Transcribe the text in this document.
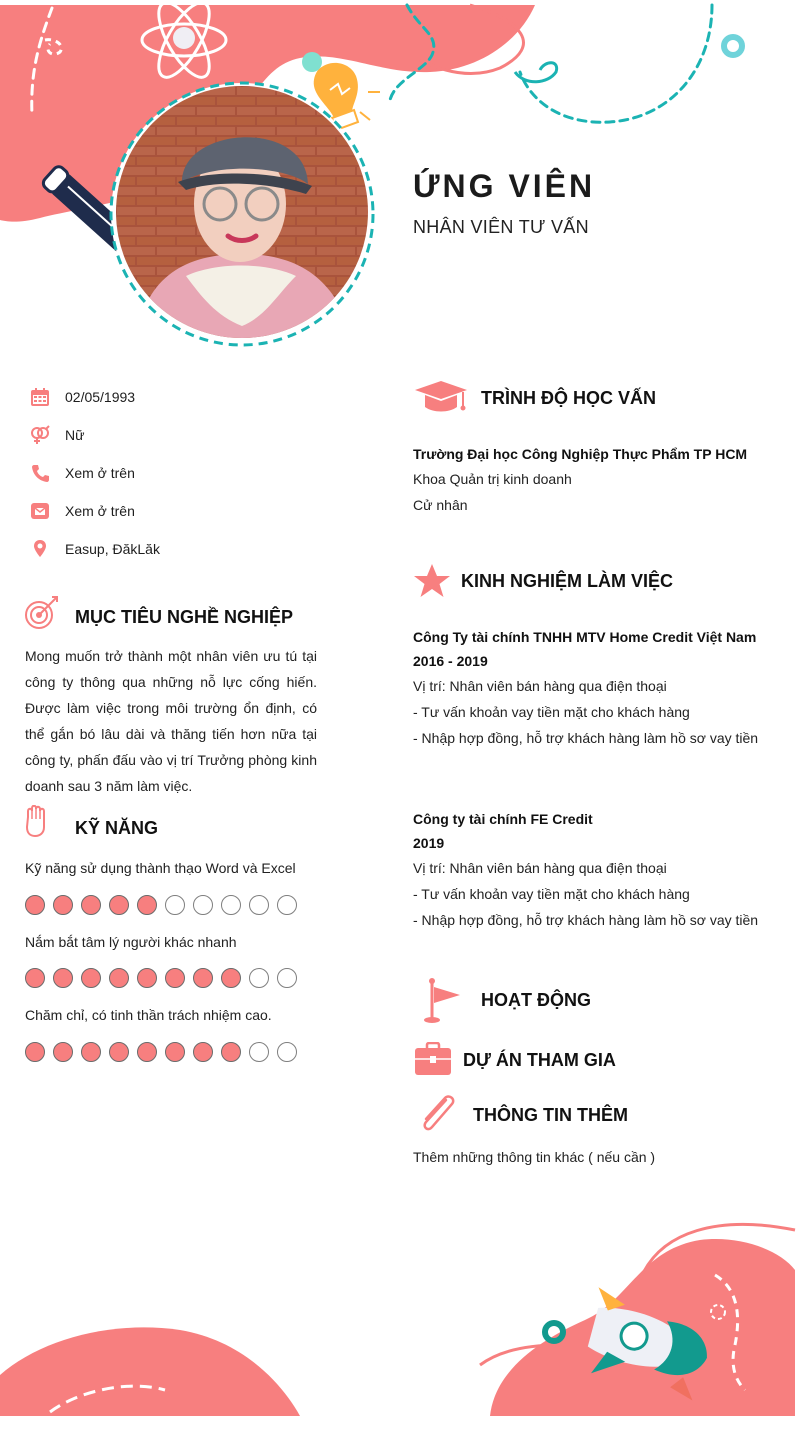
ỨNG VIÊN
NHÂN VIÊN TƯ VẤN
02/05/1993
Nữ
Xem ở trên
Xem ở trên
Easup, ĐăkLăk
MỤC TIÊU NGHỀ NGHIỆP
Mong muốn trở thành một nhân viên ưu tú tại công ty thông qua những nỗ lực cống hiến. Được làm việc trong môi trường ổn định, có thể gắn bó lâu dài và thăng tiến hơn nữa tại công ty, phấn đấu vào vị trí Trưởng phòng kinh doanh sau 3 năm làm việc.
KỸ NĂNG
Kỹ năng sử dụng thành thạo Word và Excel
Nắm bắt tâm lý người khác nhanh
Chăm chỉ, có tinh thần trách nhiệm cao.
TRÌNH ĐỘ HỌC VẤN
Trường Đại học Công Nghiệp Thực Phẩm TP HCM
Khoa Quản trị kinh doanh
Cử nhân
KINH NGHIỆM LÀM VIỆC
Công Ty tài chính TNHH MTV Home Credit Việt Nam
2016 - 2019
Vị trí: Nhân viên bán hàng qua điện thoại
- Tư vấn khoản vay tiền mặt cho khách hàng
- Nhập hợp đồng, hỗ trợ khách hàng làm hồ sơ vay tiền
Công ty tài chính FE Credit
2019
Vị trí: Nhân viên bán hàng qua điện thoại
- Tư vấn khoản vay tiền mặt cho khách hàng
- Nhập hợp đồng, hỗ trợ khách hàng làm hồ sơ vay tiền
HOẠT ĐỘNG
DỰ ÁN THAM GIA
THÔNG TIN THÊM
Thêm những thông tin khác ( nếu cần )
